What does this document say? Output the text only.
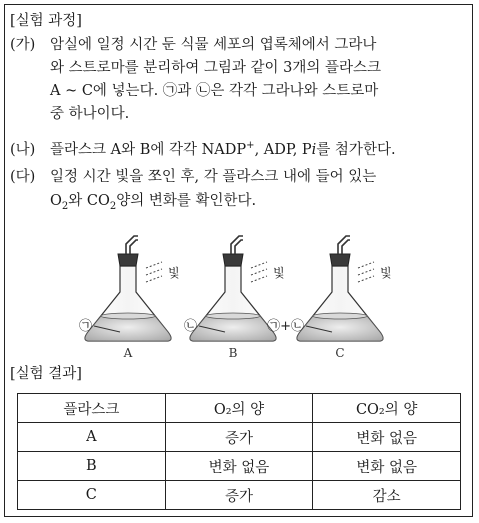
[실험 과정]
(가) 암실에 일정 시간 둔 식물 세포의 엽록체에서 그라나
와 스트로마를 분리하여 그림과 같이 3개의 플라스크
A ~ C에 넣는다. ㉠과 ㉡은 각각 그라나와 스트로마
중 하나이다.
(나) 플라스크 A와 B에 각각 NADP+, ADP, Pi를 첨가한다.
(다) 일정 시간 빛을 쪼인 후, 각 플라스크 내에 들어 있는
$O_2$와 $CO_2$양의 변화를 확인한다.
빛
㉠
A
빛
㉡
B
빛
㉠+㉡
C
[실험 결과]
플라스크	O₂의 양	CO₂의 양
A	증가	변화 없음
B	변화 없음	변화 없음
C	증가	감소
